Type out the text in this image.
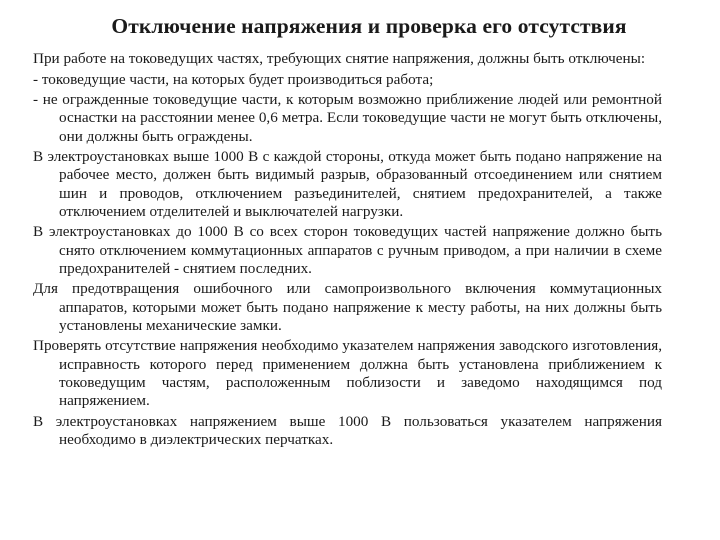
Отключение напряжения и проверка его отсутствия

При работе на токоведущих частях, требующих снятие напряжения, должны быть отключены:

- токоведущие части, на которых будет производиться работа;

- не огражденные токоведущие части, к которым возможно приближение людей или ремонтной оснастки на расстоянии менее 0,6 метра. Если токоведущие части не могут быть отключены, они должны быть ограждены.

В электроустановках выше 1000 В с каждой стороны, откуда может быть подано напряжение на рабочее место, должен быть видимый разрыв, образованный отсоединением или снятием шин и проводов, отключением разъединителей, снятием предохранителей, а также отключением отделителей и выключателей нагрузки.

В электроустановках до 1000 В со всех сторон токоведущих частей напряжение должно быть снято отключением коммутационных аппаратов с ручным приводом, а при наличии в схеме предохранителей - снятием последних.

Для предотвращения ошибочного или самопроизвольного включения коммутационных аппаратов, которыми может быть подано напряжение к месту работы, на них должны быть установлены механические замки.

Проверять отсутствие напряжения необходимо указателем напряжения заводского изготовления, исправность которого перед применением должна быть установлена приближением к токоведущим частям, расположенным поблизости и заведомо находящимся под напряжением.

В электроустановках напряжением выше 1000 В пользоваться указателем напряжения необходимо в диэлектрических перчатках.
